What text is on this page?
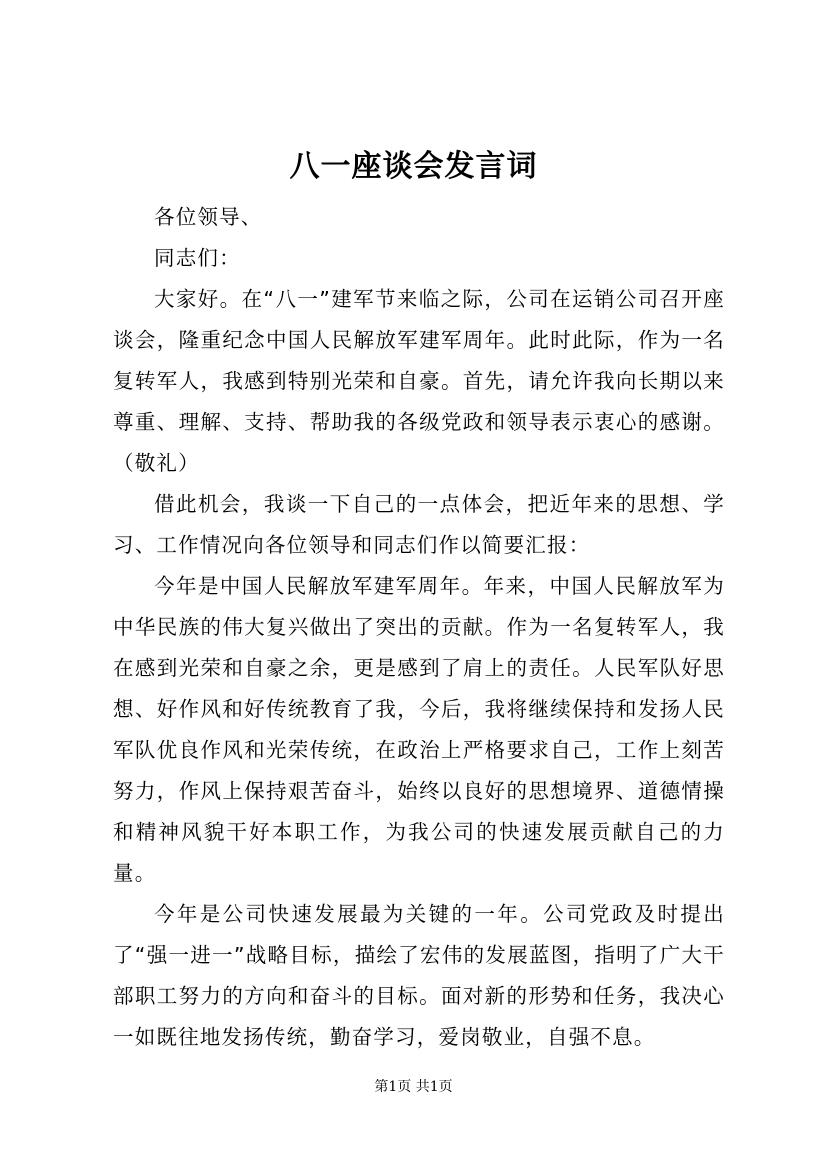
八一座谈会发言词

各位领导、

同志们：

大家好。在“八一”建军节来临之际，公司在运销公司召开座谈会，隆重纪念中国人民解放军建军周年。此时此际，作为一名复转军人，我感到特别光荣和自豪。首先，请允许我向长期以来尊重、理解、支持、帮助我的各级党政和领导表示衷心的感谢。（敬礼）

借此机会，我谈一下自己的一点体会，把近年来的思想、学习、工作情况向各位领导和同志们作以简要汇报：

今年是中国人民解放军建军周年。年来，中国人民解放军为中华民族的伟大复兴做出了突出的贡献。作为一名复转军人，我在感到光荣和自豪之余，更是感到了肩上的责任。人民军队好思想、好作风和好传统教育了我，今后，我将继续保持和发扬人民军队优良作风和光荣传统，在政治上严格要求自己，工作上刻苦努力，作风上保持艰苦奋斗，始终以良好的思想境界、道德情操和精神风貌干好本职工作，为我公司的快速发展贡献自己的力量。

今年是公司快速发展最为关键的一年。公司党政及时提出了“强一进一”战略目标，描绘了宏伟的发展蓝图，指明了广大干部职工努力的方向和奋斗的目标。面对新的形势和任务，我决心一如既往地发扬传统，勤奋学习，爱岗敬业，自强不息。

第1页 共1页
